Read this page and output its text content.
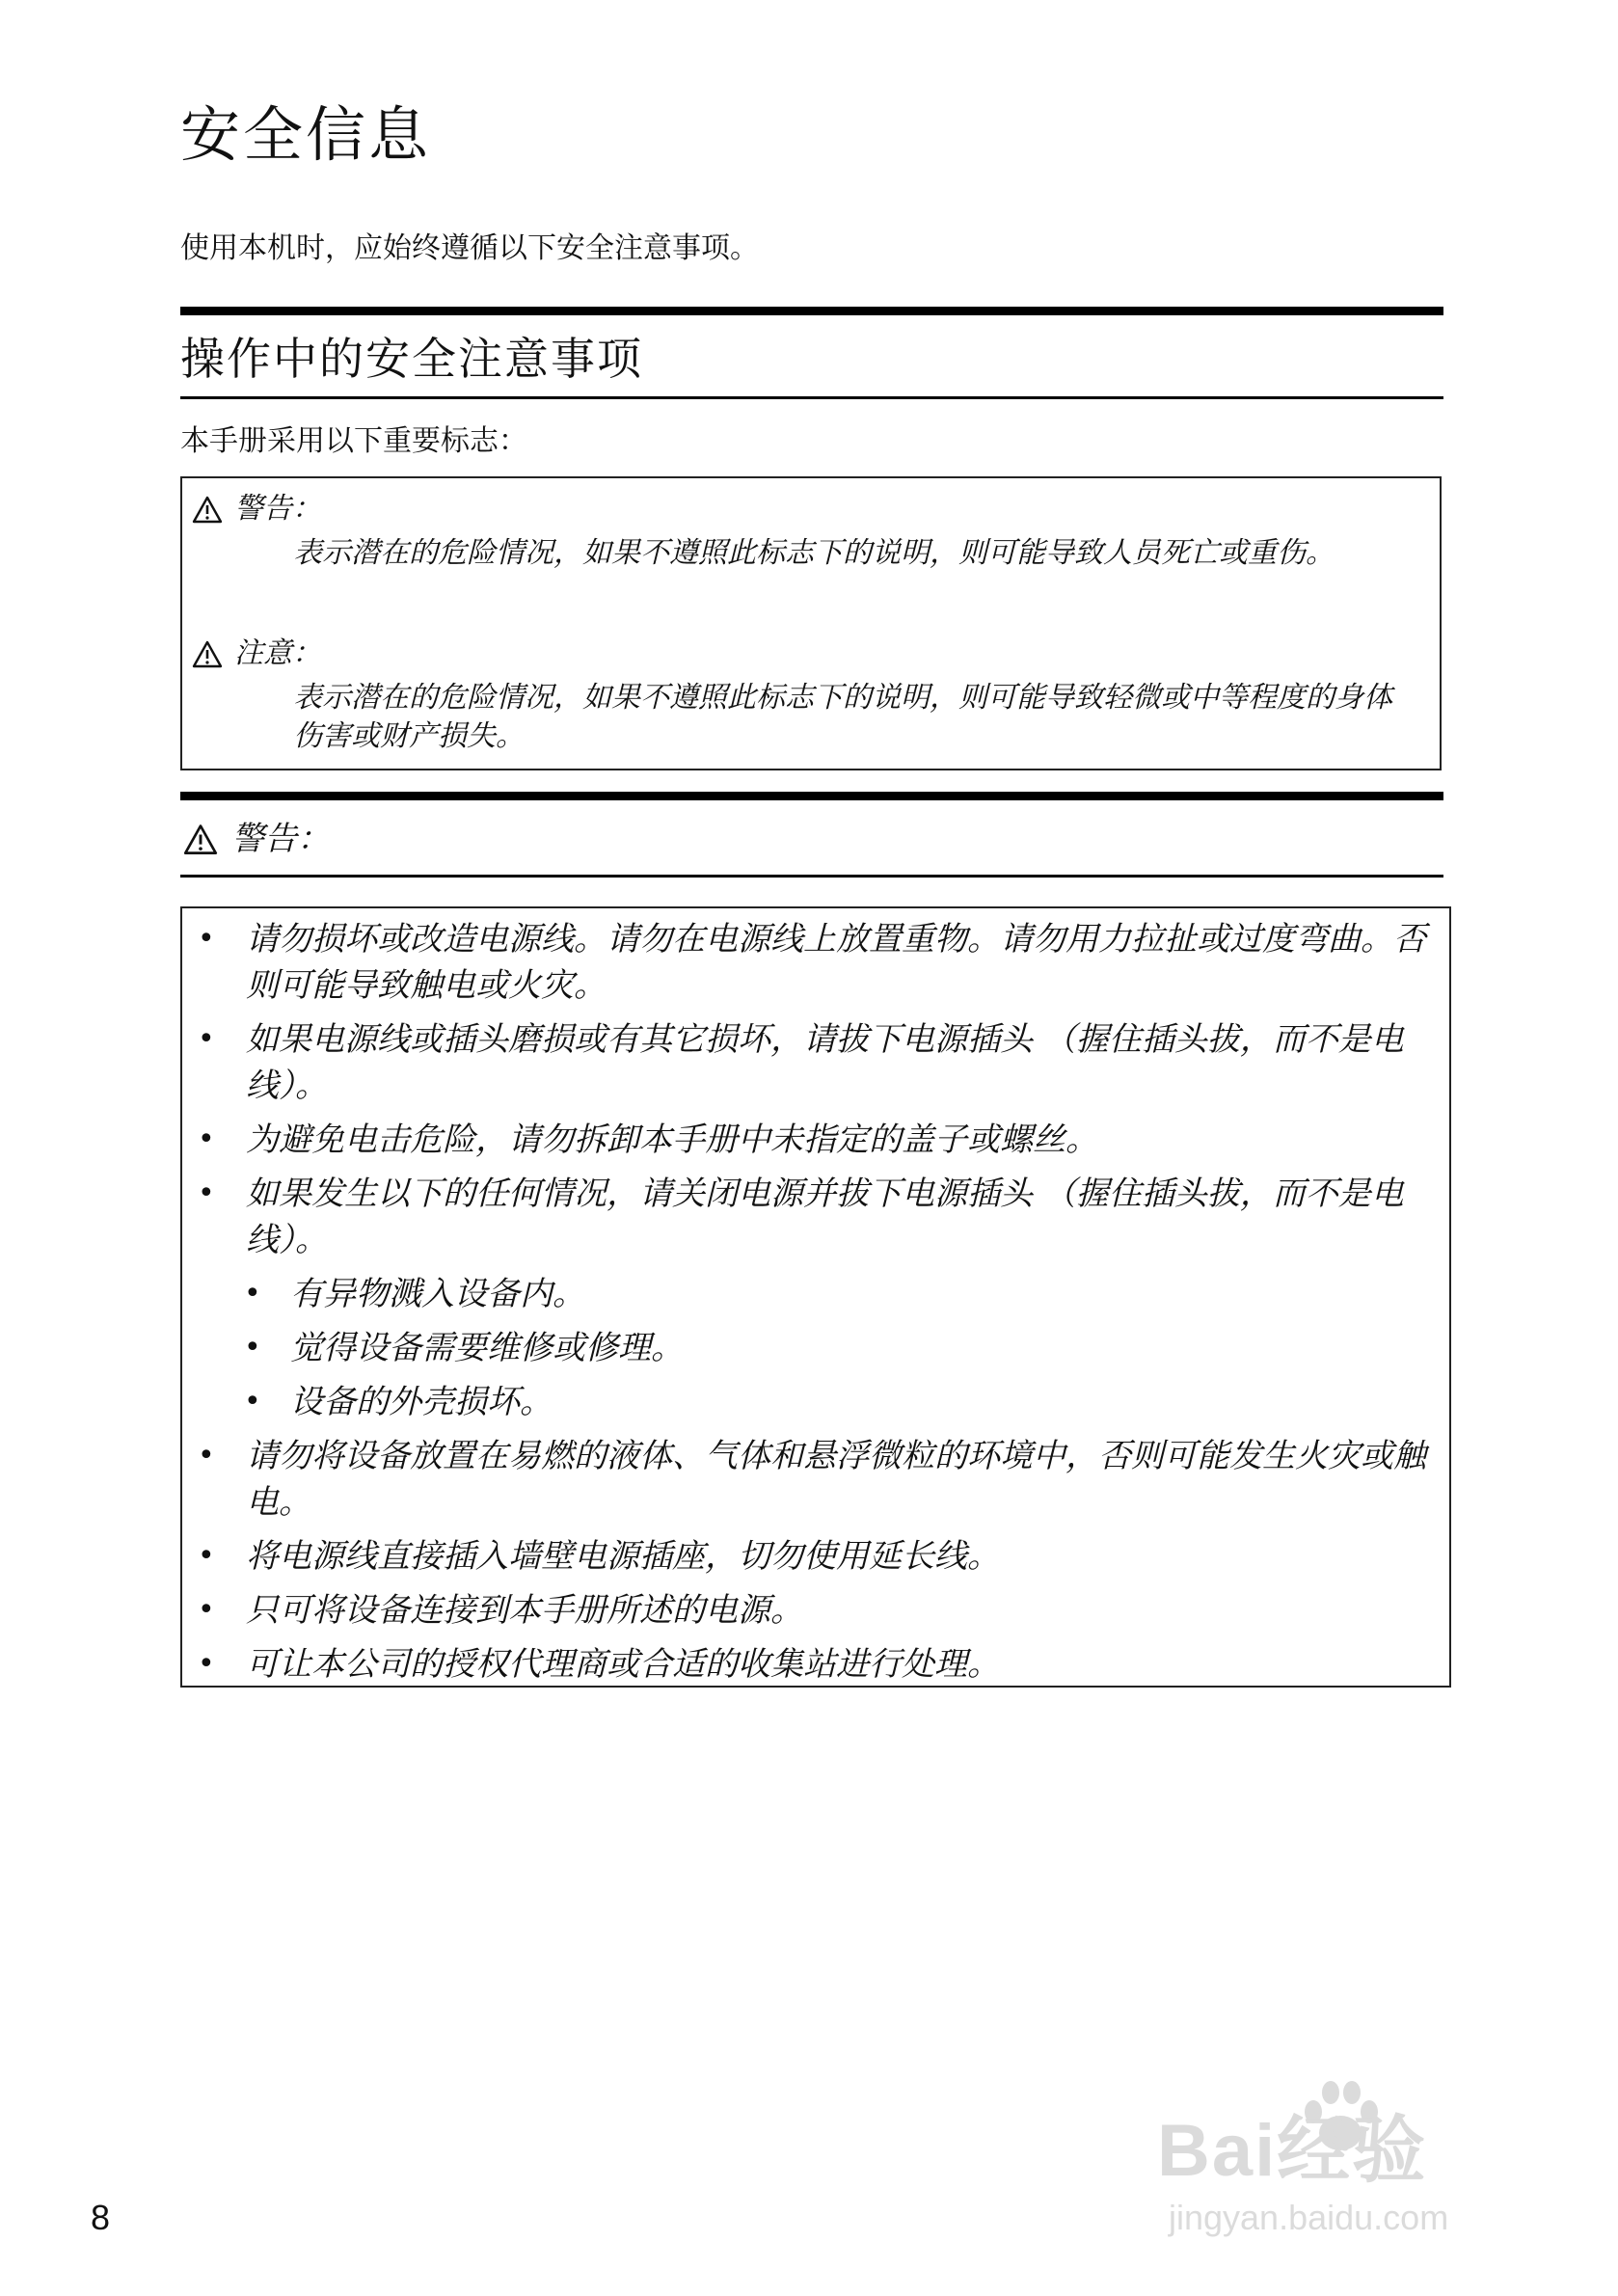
安全信息
使用本机时，应始终遵循以下安全注意事项。
操作中的安全注意事项
本手册采用以下重要标志：
警告：
表示潜在的危险情况，如果不遵照此标志下的说明，则可能导致人员死亡或重伤。
注意：
表示潜在的危险情况，如果不遵照此标志下的说明，则可能导致轻微或中等程度的身体伤害或财产损失。
警告：
• 请勿损坏或改造电源线。请勿在电源线上放置重物。请勿用力拉扯或过度弯曲。否则可能导致触电或火灾。
• 如果电源线或插头磨损或有其它损坏，请拔下电源插头 （握住插头拔，而不是电线）。
• 为避免电击危险，请勿拆卸本手册中未指定的盖子或螺丝。
• 如果发生以下的任何情况，请关闭电源并拔下电源插头 （握住插头拔，而不是电线）。
• 有异物溅入设备内。
• 觉得设备需要维修或修理。
• 设备的外壳损坏。
• 请勿将设备放置在易燃的液体、气体和悬浮微粒的环境中，否则可能发生火灾或触电。
• 将电源线直接插入墙壁电源插座，切勿使用延长线。
• 只可将设备连接到本手册所述的电源。
• 可让本公司的授权代理商或合适的收集站进行处理。
Bai经验
jingyan.baidu.com
8
